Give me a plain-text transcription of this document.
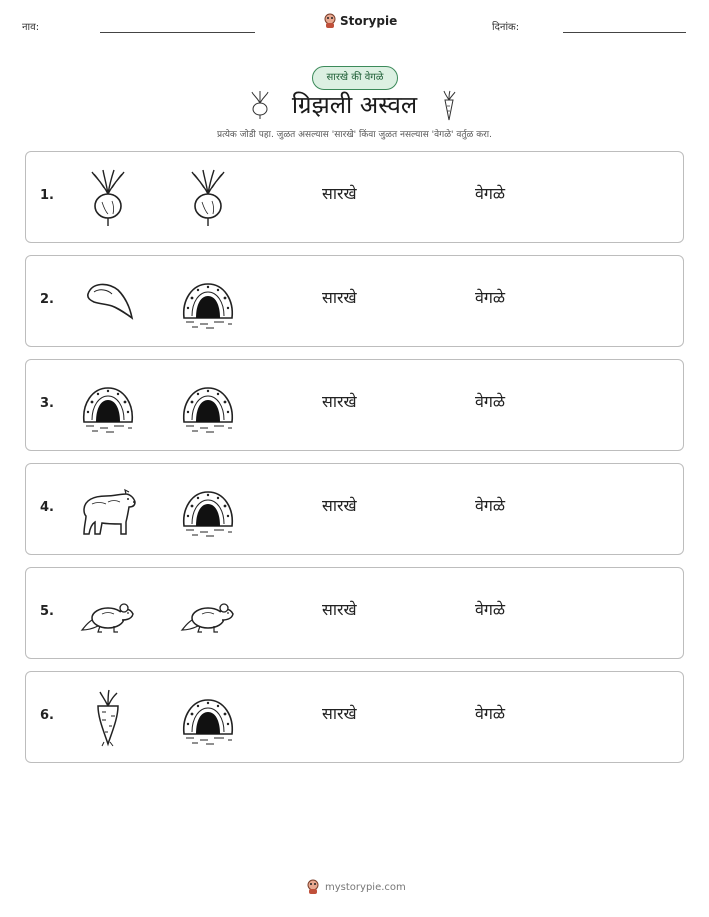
नाव:	Storypie	दिनांक:
सारखे की वेगळे
ग्रिझली अस्वल
प्रत्येक जोडी पहा. जुळत असल्यास 'सारखे' किंवा जुळत नसल्यास 'वेगळे' वर्तुळ करा.
1.	सारखे	वेगळे
2.	सारखे	वेगळे
3.	सारखे	वेगळे
4.	सारखे	वेगळे
5.	सारखे	वेगळे
6.	सारखे	वेगळे
mystorypie.com
